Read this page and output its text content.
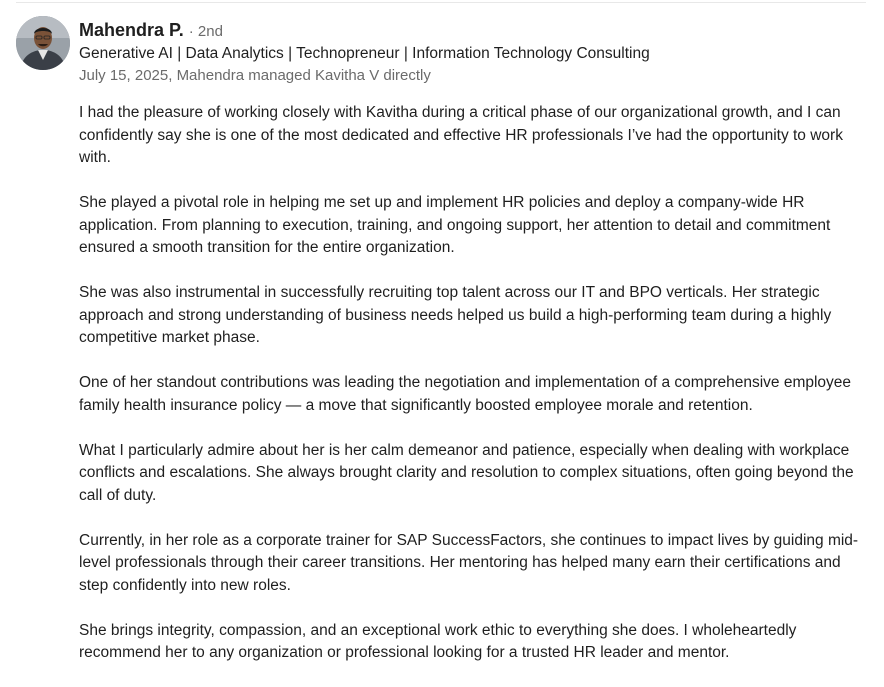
Mahendra P. · 2nd
Generative AI | Data Analytics | Technopreneur | Information Technology Consulting
July 15, 2025, Mahendra managed Kavitha V directly

I had the pleasure of working closely with Kavitha during a critical phase of our organizational growth, and I can confidently say she is one of the most dedicated and effective HR professionals I’ve had the opportunity to work with.

She played a pivotal role in helping me set up and implement HR policies and deploy a company-wide HR application. From planning to execution, training, and ongoing support, her attention to detail and commitment ensured a smooth transition for the entire organization.

She was also instrumental in successfully recruiting top talent across our IT and BPO verticals. Her strategic approach and strong understanding of business needs helped us build a high-performing team during a highly competitive market phase.

One of her standout contributions was leading the negotiation and implementation of a comprehensive employee family health insurance policy — a move that significantly boosted employee morale and retention.

What I particularly admire about her is her calm demeanor and patience, especially when dealing with workplace conflicts and escalations. She always brought clarity and resolution to complex situations, often going beyond the call of duty.

Currently, in her role as a corporate trainer for SAP SuccessFactors, she continues to impact lives by guiding mid-level professionals through their career transitions. Her mentoring has helped many earn their certifications and step confidently into new roles.

She brings integrity, compassion, and an exceptional work ethic to everything she does. I wholeheartedly recommend her to any organization or professional looking for a trusted HR leader and mentor.
